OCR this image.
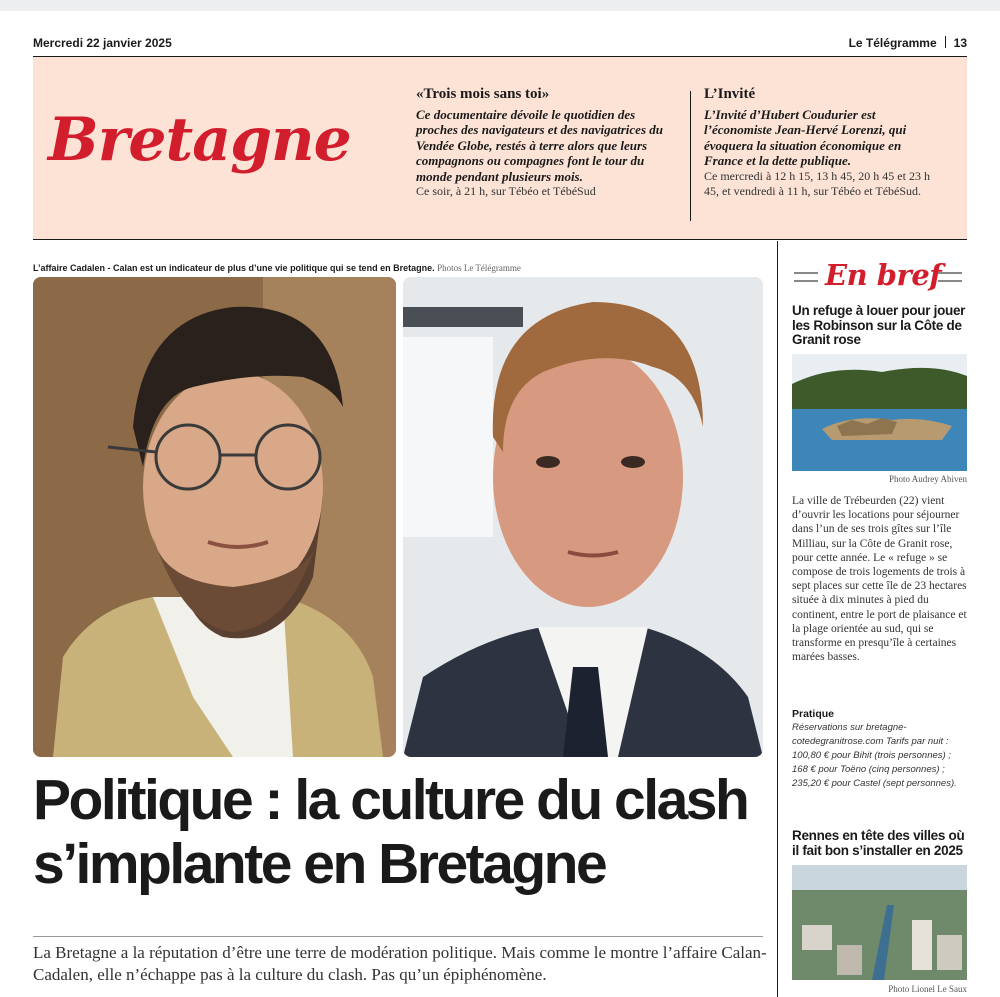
Mercredi 22 janvier 2025	Le Télégramme 13
Bretagne
«Trois mois sans toi»
Ce documentaire dévoile le quotidien des proches des navigateurs et des navigatrices du Vendée Globe, restés à terre alors que leurs compagnons ou compagnes font le tour du monde pendant plusieurs mois.
Ce soir, à 21 h, sur Tébéo et TébéSud
L’Invité
L’Invité d’Hubert Coudurier est l’économiste Jean-Hervé Lorenzi, qui évoquera la situation économique en France et la dette publique.
Ce mercredi à 12 h 15, 13 h 45, 20 h 45 et 23 h 45, et vendredi à 11 h, sur Tébéo et TébéSud.
L’affaire Cadalen - Calan est un indicateur de plus d’une vie politique qui se tend en Bretagne. Photos Le Télégramme
Politique : la culture du clash
s’implante en Bretagne
La Bretagne a la réputation d’être une terre de modération politique. Mais comme le montre l’affaire Calan-Cadalen, elle n’échappe pas à la culture du clash. Pas qu’un épiphénomène.
En bref
Un refuge à louer pour jouer les Robinson sur la Côte de Granit rose
Photo Audrey Abiven
La ville de Trébeurden (22) vient d’ouvrir les locations pour séjourner dans l’un de ses trois gîtes sur l’île Milliau, sur la Côte de Granit rose, pour cette année. Le « refuge » se compose de trois logements de trois à sept places sur cette île de 23 hectares située à dix minutes à pied du continent, entre le port de plaisance et la plage orientée au sud, qui se transforme en presqu’île à certaines marées basses.
Pratique
Réservations sur bretagne-cotedegranitrose.com Tarifs par nuit : 100,80 € pour Bihit (trois personnes) ; 168 € pour Toëno (cinq personnes) ; 235,20 € pour Castel (sept personnes).
Rennes en tête des villes où il fait bon s’installer en 2025
Photo Lionel Le Saux
